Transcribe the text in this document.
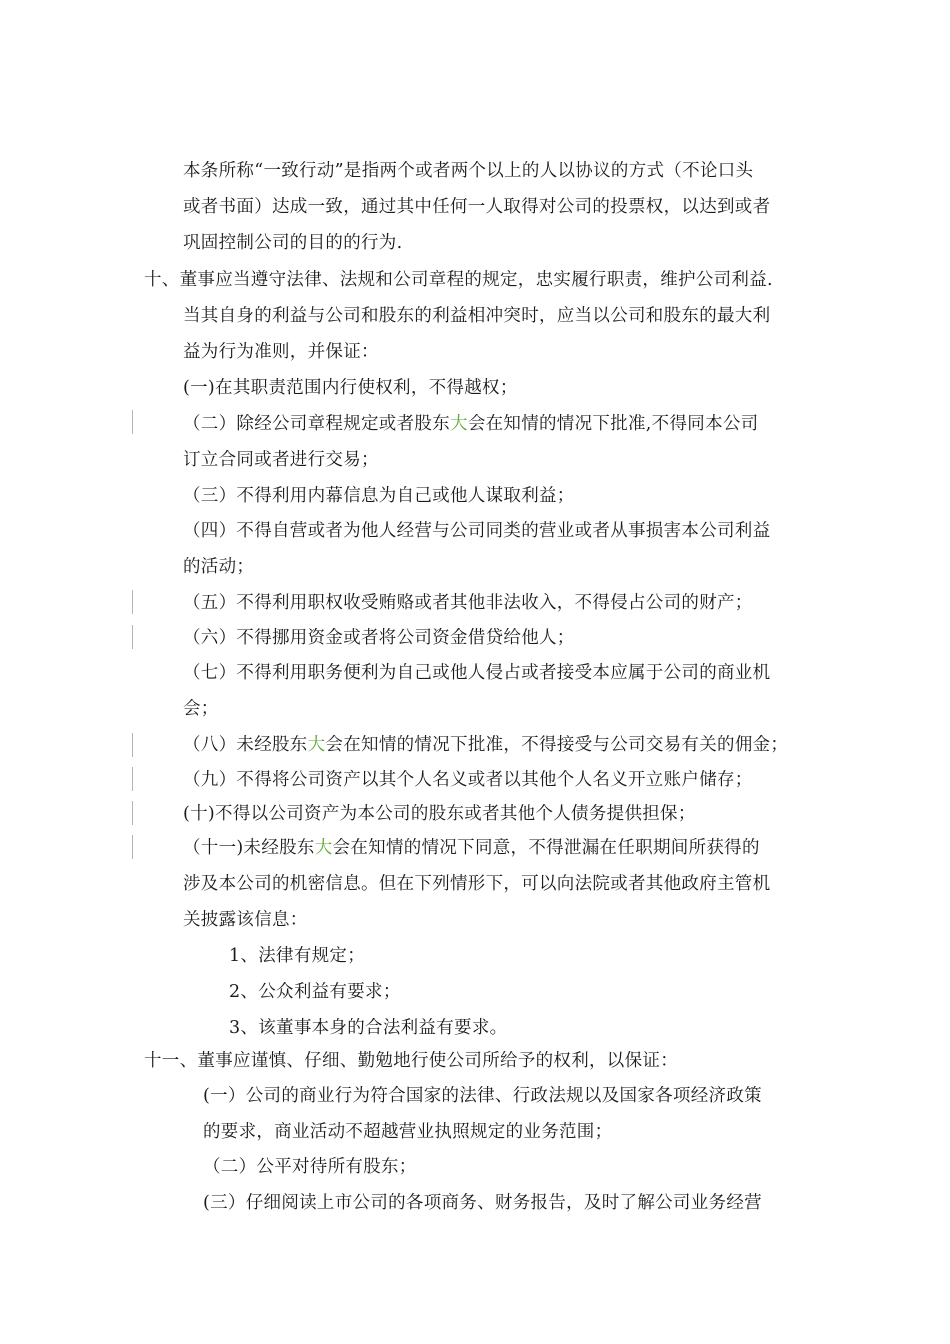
本条所称“一致行动”是指两个或者两个以上的人以协议的方式（不论口头
或者书面）达成一致，通过其中任何一人取得对公司的投票权，以达到或者
巩固控制公司的目的的行为.
十、董事应当遵守法律、法规和公司章程的规定，忠实履行职责，维护公司利益.
当其自身的利益与公司和股东的利益相冲突时，应当以公司和股东的最大利
益为行为准则，并保证：
(一)在其职责范围内行使权利，不得越权；
（二）除经公司章程规定或者股东大会在知情的情况下批准,不得同本公司
订立合同或者进行交易；
（三）不得利用内幕信息为自己或他人谋取利益；
（四）不得自营或者为他人经营与公司同类的营业或者从事损害本公司利益
的活动；
（五）不得利用职权收受贿赂或者其他非法收入，不得侵占公司的财产；
（六）不得挪用资金或者将公司资金借贷给他人；
（七）不得利用职务便利为自己或他人侵占或者接受本应属于公司的商业机
会；
（八）未经股东大会在知情的情况下批准，不得接受与公司交易有关的佣金；
（九）不得将公司资产以其个人名义或者以其他个人名义开立账户储存；
(十)不得以公司资产为本公司的股东或者其他个人债务提供担保；
（十一)未经股东大会在知情的情况下同意，不得泄漏在任职期间所获得的
涉及本公司的机密信息。但在下列情形下，可以向法院或者其他政府主管机
关披露该信息：
1、法律有规定；
2、公众利益有要求；
3、该董事本身的合法利益有要求。
十一、董事应谨慎、仔细、勤勉地行使公司所给予的权利，以保证：
(一）公司的商业行为符合国家的法律、行政法规以及国家各项经济政策
的要求，商业活动不超越营业执照规定的业务范围；
（二）公平对待所有股东；
(三）仔细阅读上市公司的各项商务、财务报告，及时了解公司业务经营
